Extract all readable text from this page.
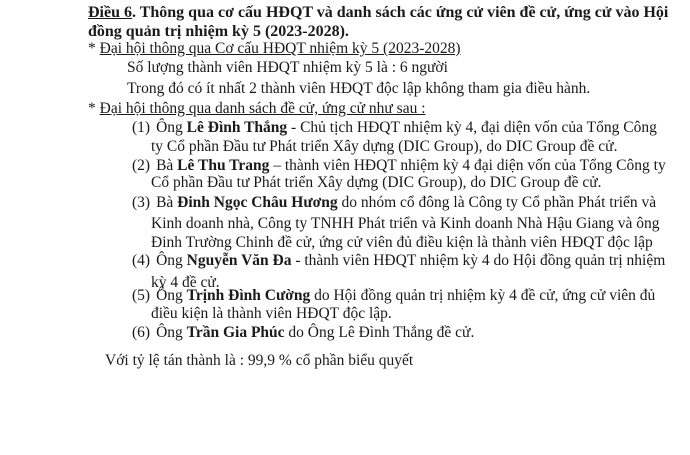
Điều 6. Thông qua cơ cấu HĐQT và danh sách các ứng cử viên đề cử, ứng cử vào Hội
đồng quản trị nhiệm kỳ 5 (2023-2028).
* Đại hội thông qua Cơ cấu HĐQT nhiệm kỳ 5 (2023-2028)
Số lượng thành viên HĐQT nhiệm kỳ 5 là : 6 người
Trong đó có ít nhất 2 thành viên HĐQT độc lập không tham gia điều hành.
* Đại hội thông qua danh sách đề cử, ứng cử như sau :
(1) Ông Lê Đình Thắng - Chủ tịch HĐQT nhiệm kỳ 4, đại diện vốn của Tổng Công
ty Cổ phần Đầu tư Phát triển Xây dựng (DIC Group), do DIC Group đề cử.
(2) Bà Lê Thu Trang – thành viên HĐQT nhiệm kỳ 4 đại diện vốn của Tổng Công ty
Cổ phần Đầu tư Phát triển Xây dựng (DIC Group), do DIC Group đề cử.
(3) Bà Đinh Ngọc Châu Hương do nhóm cổ đông là Công ty Cổ phần Phát triển và
Kinh doanh nhà, Công ty TNHH Phát triển và Kinh doanh Nhà Hậu Giang và ông
Đinh Trường Chinh đề cử, ứng cử viên đủ điều kiện là thành viên HĐQT độc lập
(4) Ông Nguyễn Văn Đa - thành viên HĐQT nhiệm kỳ 4 do Hội đồng quản trị nhiệm
kỳ 4 đề cử.
(5) Ông Trịnh Đình Cường do Hội đồng quản trị nhiệm kỳ 4 đề cử, ứng cử viên đủ
điều kiện là thành viên HĐQT độc lập.
(6) Ông Trần Gia Phúc do Ông Lê Đình Thắng đề cử.
Với tỷ lệ tán thành là : 99,9 % cổ phần biểu quyết
